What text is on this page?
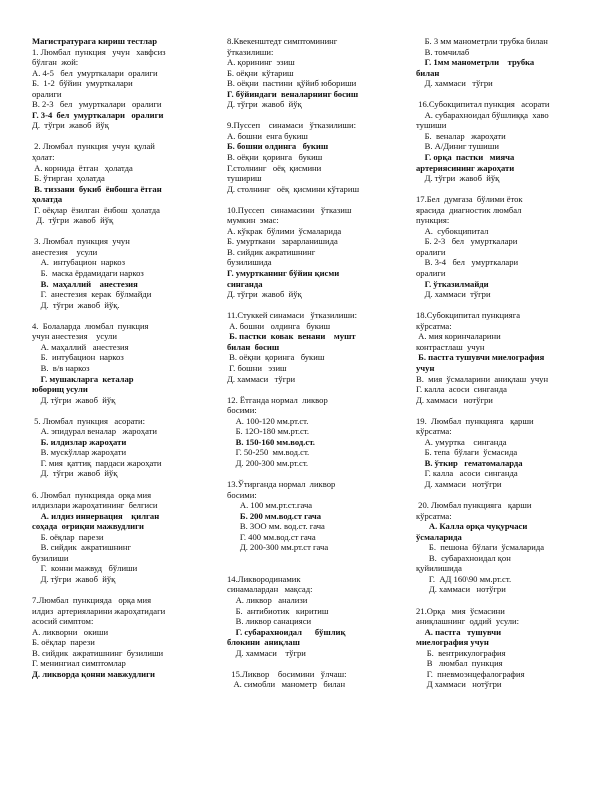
Магистратурага кириш тестлар
1. Люмбал  пункция   учун   хавфсиз
бўлган  жой:
А. 4-5   бел  умурткалари  оралиги
Б.  1-2  бўйин  умурткалари
оралиги
В. 2-3   бел   умурткалари   оралиги
Г. 3-4  бел  умурткалари   оралиги
Д.  тўгри  жавоб  йўқ

2. Люмбал  пункция  учун  қулай
ҳолат:
А. корнида  ётган   ҳолатда
Б. ўтирган  ҳолатда
В. тиззани  букиб  ёнбошга ётган
ҳолатда
Г. оёқлар  ёзилган  ёнбош  ҳолатда
Д.  тўгри  жавоб  йўқ

3. Люмбал  пункция  учун
анестезия    усули
А.  интубацион  наркоз
Б.  маска ёрдамидаги наркоз
В.  маҳаллий    анестезия
Г.  анестезия  керак  бўлмайди
Д.  тўгри  жавоб  йўқ.

4.  Болаларда  люмбал  пункция
учун анестезия    усули
А. маҳаллий   анестезия
Б.  интубацион  наркоз
В.  в/в наркоз
Г. мушакларга  кеталар
юборищ усули
Д. тўгри  жавоб  йўқ

5. Люмбал  пункция   асорати:
А. эпидурал веналар   жароҳати
Б. илдизлар жароҳати
В. мускўллар жароҳати
Г. мия  қаттиқ  пардаси жароҳати
Д.  тўгри  жавоб  йўқ

6. Люмбал  пункцияда  орқа мия
илдизлари жароҳатининг  белгиси
А. илдиз иннервация    қилган
соҳада  оғриқни мажвудлиги
Б. оёқлар  парези
В. сийдик  ажратишнинг
бузилиши
Г.  конни мажвуд   бўлиши
Д. тўгри  жавоб  йўқ

7.Люмбал  пункцияда   орқа мия
илдиз  артерияларини жароҳатидаги
асосий симптом:
А. ликворни   окиши
Б. оёқлар  парези
В. сийдик  ажратишнинг  бузилиши
Г. менингиал симптомлар
Д. ликворда қонни мавжудлиги
8.Квекенштедт симптомининг
ўтказилиши:
А. қорининг  эзиш
Б. оёқни  кўтариш
В. оёқни  пастини  қўйиб юбориши
Г. бўйиндаги  веналарнинг босиш
Д. тўгри  жавоб  йўқ

9.Пуссеп    синамаси   ўтказилиши:
А. бошни  енга букиш
Б. бошни олдинга   букиш
В. оёқни  қоринга   букиш
Г.столнинг   оёқ  қисмини
тушириш
Д. столнинг   оёқ  қисмини кўтариш

10.Пуссеп   синамасини   ўтказиш
мумкин  эмас:
А. кўкрак  бўлими  ўсмаларида
Б. умурткани   зарарланишида
В. сийдик ажратишнинг
бузилишида
Г. умуртканинг бўйин қисми
синганда
Д. тўгри  жавоб  йўқ

11.Стуккей синамаси   ўтказилиши:
А. бошни   олдинга   букиш
Б. пастки  ковак  венани    мушт
билан  босиш
В. оёқни  қоринга   букиш
Г. бошни   эзиш
Д. хаммаси   тўгри

12. Ётганда нормал  ликвор
босими:
А. 100-120 мм.рт.ст.
Б. 12О-180 мм.рт.ст.
В. 150-160 мм.вод.ст.
Г. 50-250  мм.вод.ст.
Д. 200-300 мм.рт.ст.

13.Ўтирганда нормал  ликвор
босими:
А. 100 мм.рт.ст.гача
Б. 200 мм.вод.ст гача
В. 3ОО мм. вод.ст. гача
Г. 400 мм.вод.ст гача
Д. 200-300 мм.рт.ст гача

14.Ликвородинамик
синамалардан   мақсад:
А. ликвор   анализи
Б.  антибиотик   киритиш
В. ликвор санацияси
Г. субарахноидал      бўшлиқ
блокини  аниқлаш
Д. хаммаси    тўгри

15.Ликвор    босимини   ўлчаш:
А. симобли   манометр   билан
Б. 3 мм манометрли трубка билан
В. томчилаб
Г. 1мм манометрли    трубка
билан
Д. хаммаси   тўгри

16.Субокципитал пункция   асорати
А. субарахноидал бўшлиққа  хаво
тушиши
Б.  веналар   жароҳати
В. А/Диниг тушиши
Г. орқа  пастки   мияча
артериясининг жароҳати
Д. тўгри  жавоб  йўқ

17.Бел  думғаза  бўлими ёток
ярасида  диагностик люмбал
пункция:
А.  субокципитал
Б. 2-3   бел   умурткалари
оралиги
В. 3-4   бел   умурткалари
оралиги
Г. ўтказилмайди
Д. хаммаси  тўгри

18.Субокципитал пункцияга
кўрсатма:
А. мия коринчаларини
контрастлаш  учун
Б. пастга тушувчи миелография
учун
В.  мия  ўсмаларини  аниқлаш  учун
Г. калла  асоси  синганда
Д. хаммаси   нотўгри

19.  Люмбал  пункцияга   қарши
кўрсатма:
А. умуртка    синганда
Б. тепа  бўлаги  ўсмасида
В. ўткир   гематомаларда
Г. калла   асоси  синганда
Д. хаммаси   нотўгри

20. Люмбал пункцияга   қарши
кўрсатма:
А. Калла орқа чуқурчаси
ўсмаларида
Б.  пешона  бўлаги  ўсмаларида
В.  субарахноидал қон
қуйилишида
Г.  АД 160\90 мм.рт.ст.
Д. хаммаси   нотўгри

21.Орқа   мия  ўсмасини
аниқлашнинг  оддий  усули:
А. пастга   тушувчи
миелография учун
Б.  вентрикулография
В   люмбал  пункция
Г.  пневмоэнцефалография
Д хаммаси   нотўгри
